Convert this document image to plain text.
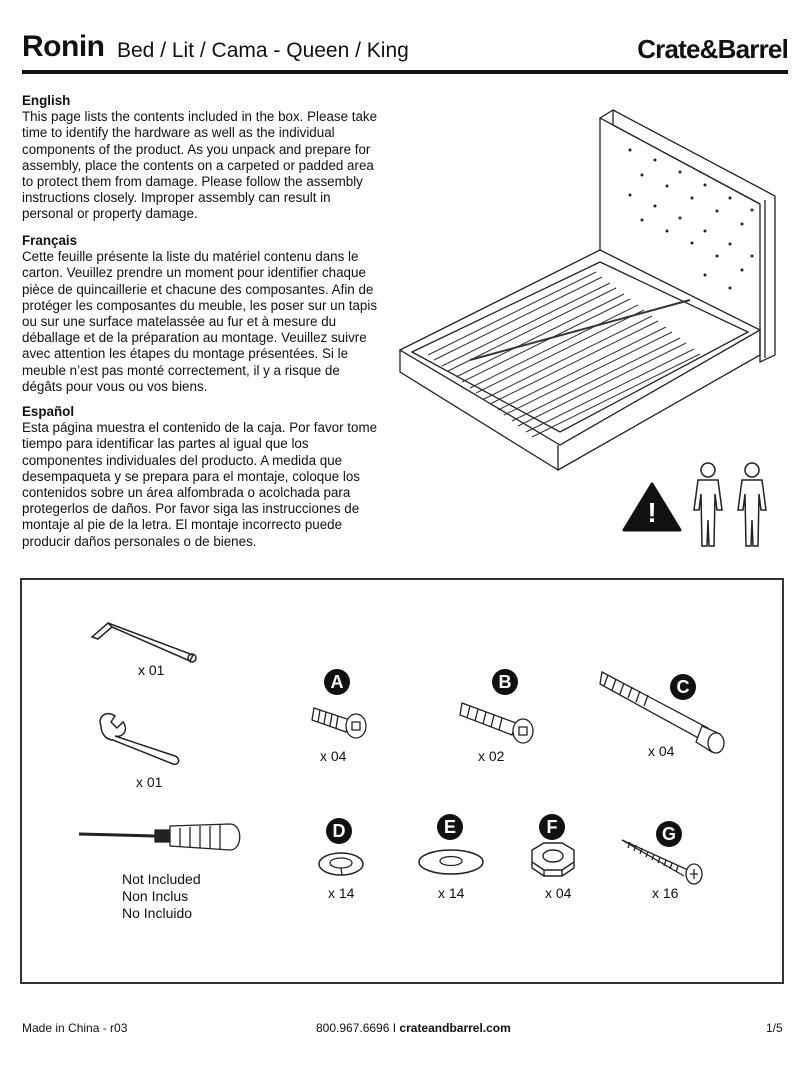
Ronin Bed / Lit / Cama - Queen / King	Crate&Barrel
English

This page lists the contents included in the box. Please take time to identify the hardware as well as the individual components of the product. As you unpack and prepare for assembly, place the contents on a carpeted or padded area to protect them from damage. Please follow the assembly instructions closely. Improper assembly can result in personal or property damage.

Français

Cette feuille présente la liste du matériel contenu dans le carton. Veuillez prendre un moment pour identifier chaque pièce de quincaillerie et chacune des composantes. Afin de protéger les composantes du meuble, les poser sur un tapis ou sur une surface matelassée au fur et à mesure du déballage et de la préparation au montage. Veuillez suivre avec attention les étapes du montage présentées. Si le meuble n’est pas monté correctement, il y a risque de dégâts pour vous ou vos biens.

Español

Esta página muestra el contenido de la caja. Por favor tome tiempo para identificar las partes al igual que los componentes individuales del producto. A medida que desempaqueta y se prepara para el montaje, coloque los contenidos sobre un área alfombrada o acolchada para protegerlos de daños. Por favor siga las instrucciones de montaje al pie de la letra. El montaje incorrecto puede producir daños personales o de bienes.

!
x 01
x 01
Not Included
Non Inclus
No Incluido
A
x 04
B
x 02
C
x 04
D
x 14
E
x 14
F
x 04
G
x 16
Made in China - r03	800.967.6696 I crateandbarrel.com	1/5
